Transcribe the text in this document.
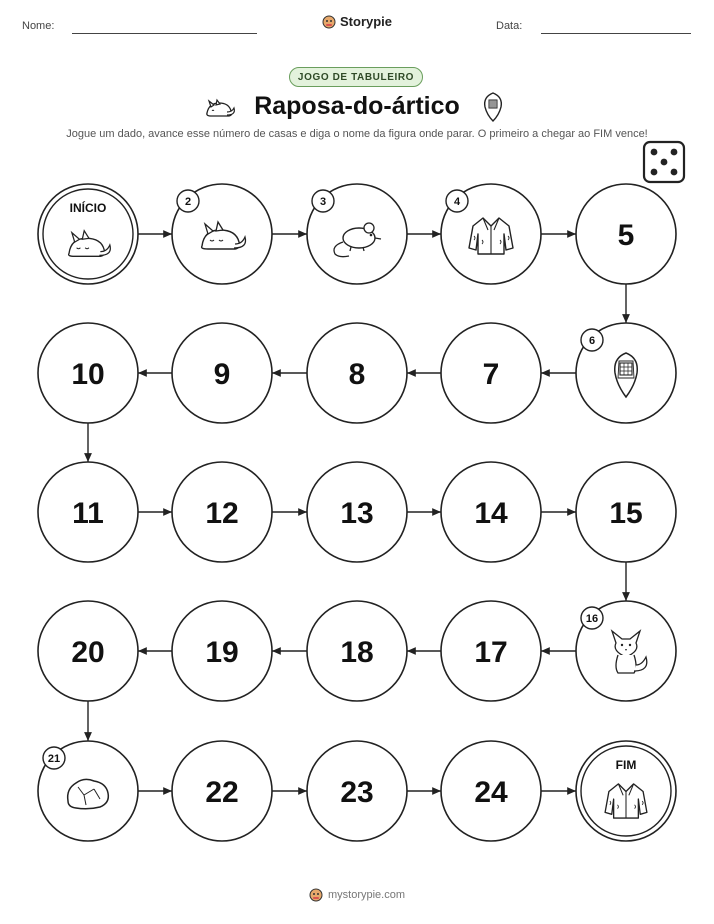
Nome:	Storypie	Data:
JOGO DE TABULEIRO
Raposa-do-ártico
Jogue um dado, avance esse número de casas e diga o nome da figura onde parar. O primeiro a chegar ao FIM vence!
INÍCIO	2	3	4
5
10	9	8	7
6
11	12	13	14	15
20	19	18	17
16
21
22	23	24
FIM
mystorypie.com
